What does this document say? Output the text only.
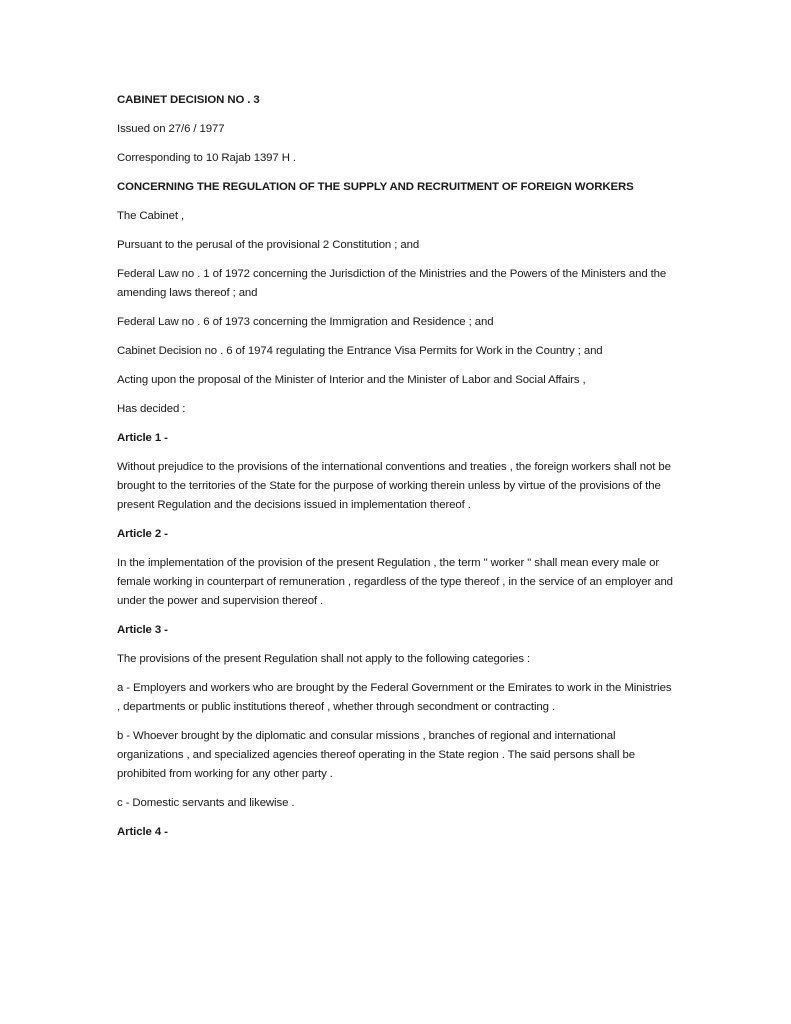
CABINET DECISION NO . 3

Issued on 27/6 / 1977

Corresponding to 10 Rajab 1397 H .

CONCERNING THE REGULATION OF THE SUPPLY AND RECRUITMENT OF FOREIGN WORKERS

The Cabinet ,

Pursuant to the perusal of the provisional 2 Constitution ; and

Federal Law no . 1 of 1972 concerning the Jurisdiction of the Ministries and the Powers of the Ministers and the amending laws thereof ; and

Federal Law no . 6 of 1973 concerning the Immigration and Residence ; and

Cabinet Decision no . 6 of 1974 regulating the Entrance Visa Permits for Work in the Country ; and

Acting upon the proposal of the Minister of Interior and the Minister of Labor and Social Affairs ,

Has decided :

Article 1 -

Without prejudice to the provisions of the international conventions and treaties , the foreign workers shall not be brought to the territories of the State for the purpose of working therein unless by virtue of the provisions of the present Regulation and the decisions issued in implementation thereof .

Article 2 -

In the implementation of the provision of the present Regulation , the term " worker " shall mean every male or female working in counterpart of remuneration , regardless of the type thereof , in the service of an employer and under the power and supervision thereof .

Article 3 -

The provisions of the present Regulation shall not apply to the following categories :

a - Employers and workers who are brought by the Federal Government or the Emirates to work in the Ministries , departments or public institutions thereof , whether through secondment or contracting .

b - Whoever brought by the diplomatic and consular missions , branches of regional and international organizations , and specialized agencies thereof operating in the State region . The said persons shall be prohibited from working for any other party .

c - Domestic servants and likewise .

Article 4 -
